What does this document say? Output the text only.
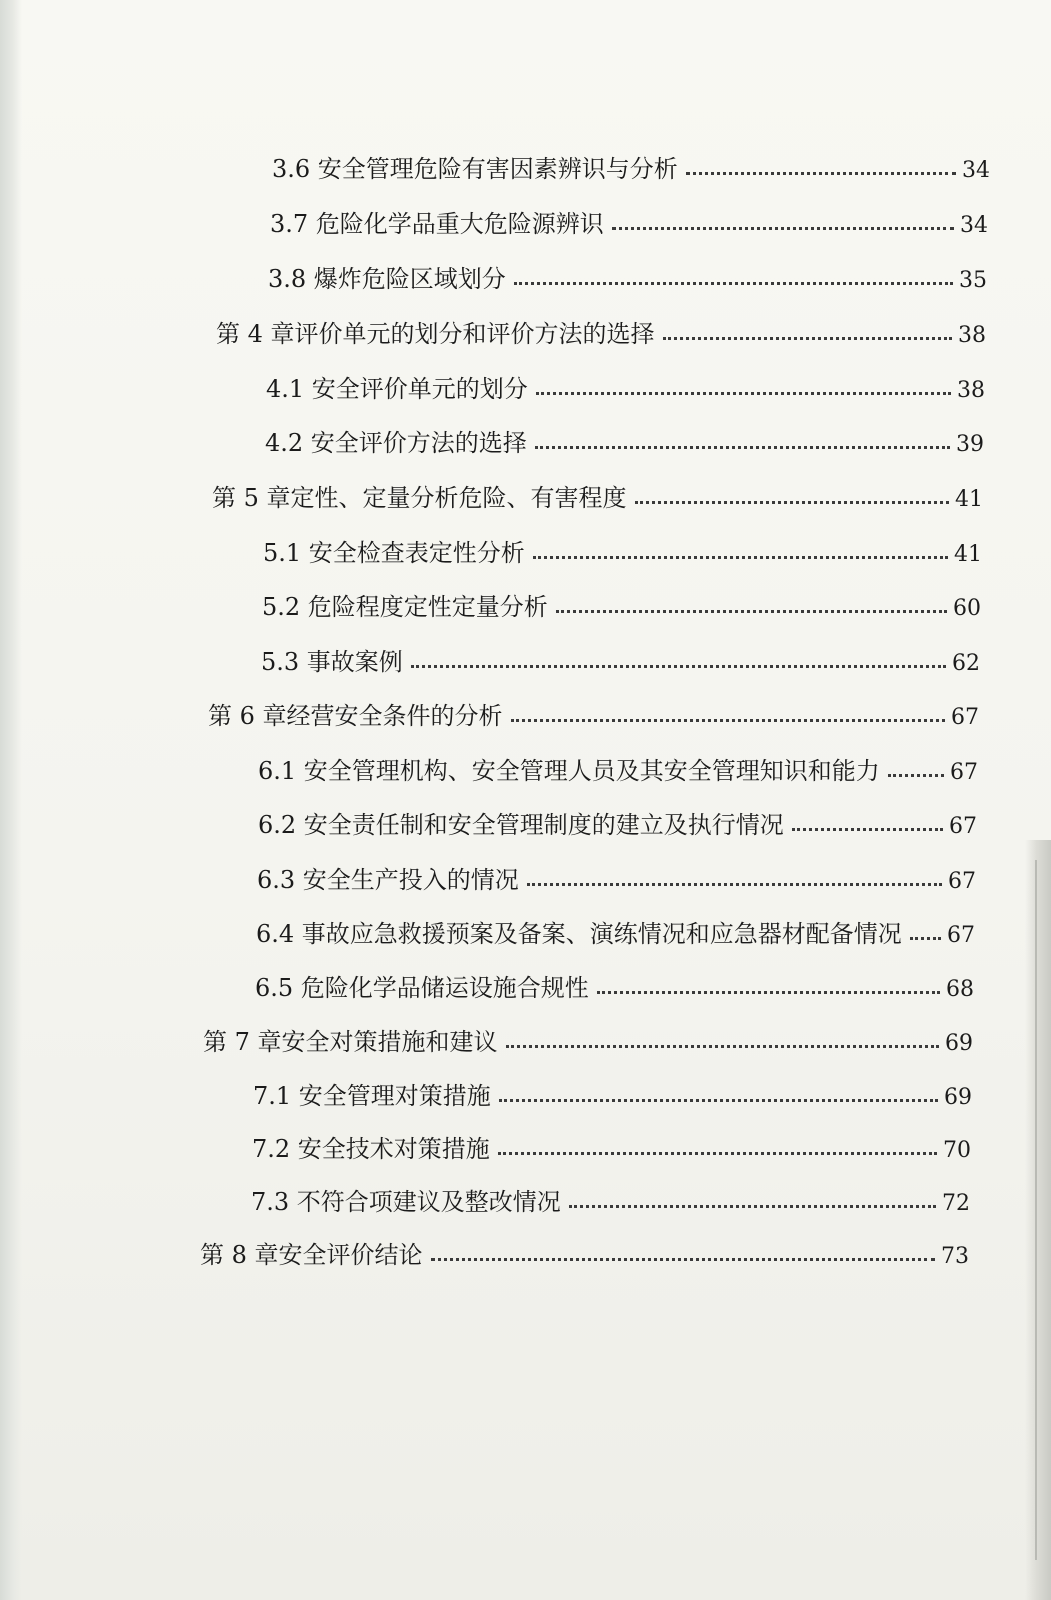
3.6 安全管理危险有害因素辨识与分析	34
3.7 危险化学品重大危险源辨识	34
3.8 爆炸危险区域划分	35
第 4 章评价单元的划分和评价方法的选择	38
4.1 安全评价单元的划分	38
4.2 安全评价方法的选择	39
第 5 章定性、定量分析危险、有害程度	41
5.1 安全检查表定性分析	41
5.2 危险程度定性定量分析	60
5.3 事故案例	62
第 6 章经营安全条件的分析	67
6.1 安全管理机构、安全管理人员及其安全管理知识和能力	67
6.2 安全责任制和安全管理制度的建立及执行情况	67
6.3 安全生产投入的情况	67
6.4 事故应急救援预案及备案、演练情况和应急器材配备情况 67
6.5 危险化学品储运设施合规性	68
第 7 章安全对策措施和建议	69
7.1 安全管理对策措施	69
7.2 安全技术对策措施	70
7.3 不符合项建议及整改情况	72
第 8 章安全评价结论	73
